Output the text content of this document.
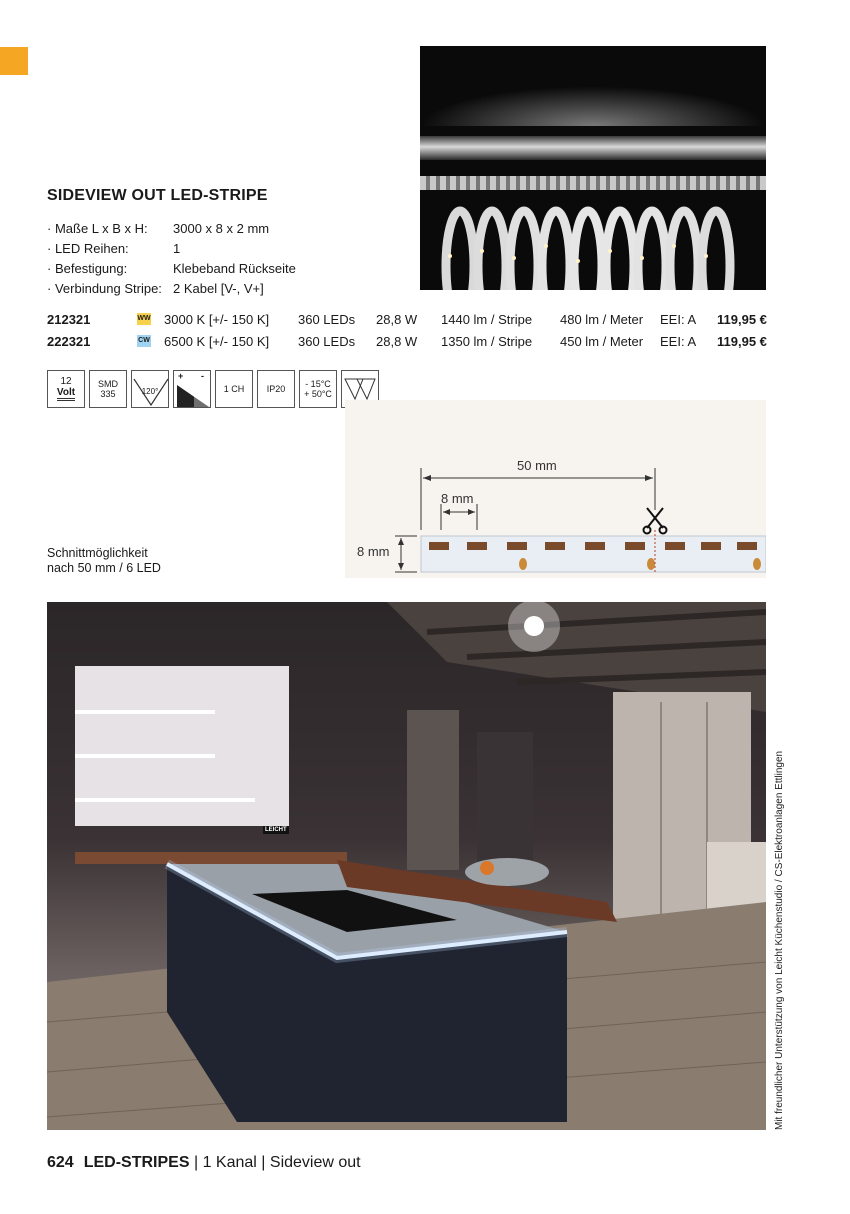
SIDEVIEW OUT LED-STRIPE
· Maße L x B x H:	3000 x 8 x 2 mm
· LED Reihen:	1
· Befestigung:	Klebeband Rückseite
· Verbindung Stripe: 2 Kabel [V-, V+]
212321	WW 3000 K [+/- 150 K] 360 LEDs 28,8 W 1440 lm / Stripe 480 lm / Meter EEI: A 119,95 €
222321	CW 6500 K [+/- 150 K] 360 LEDs 28,8 W 1350 lm / Stripe 450 lm / Meter EEI: A 119,95 €
12
Volt
SMD
335	120°
+ -
1 CH IP20 - 15°C
+ 50°C
50 mm
8 mm
8 mm
Schnittmöglichkeit
nach 50 mm / 6 LED
LEICHT	Mit freundlicher Unterstützung von Leicht Küchenstudio / CS-Elektroanlagen Ettlingen
624 LED-STRIPES | 1 Kanal | Sideview out
